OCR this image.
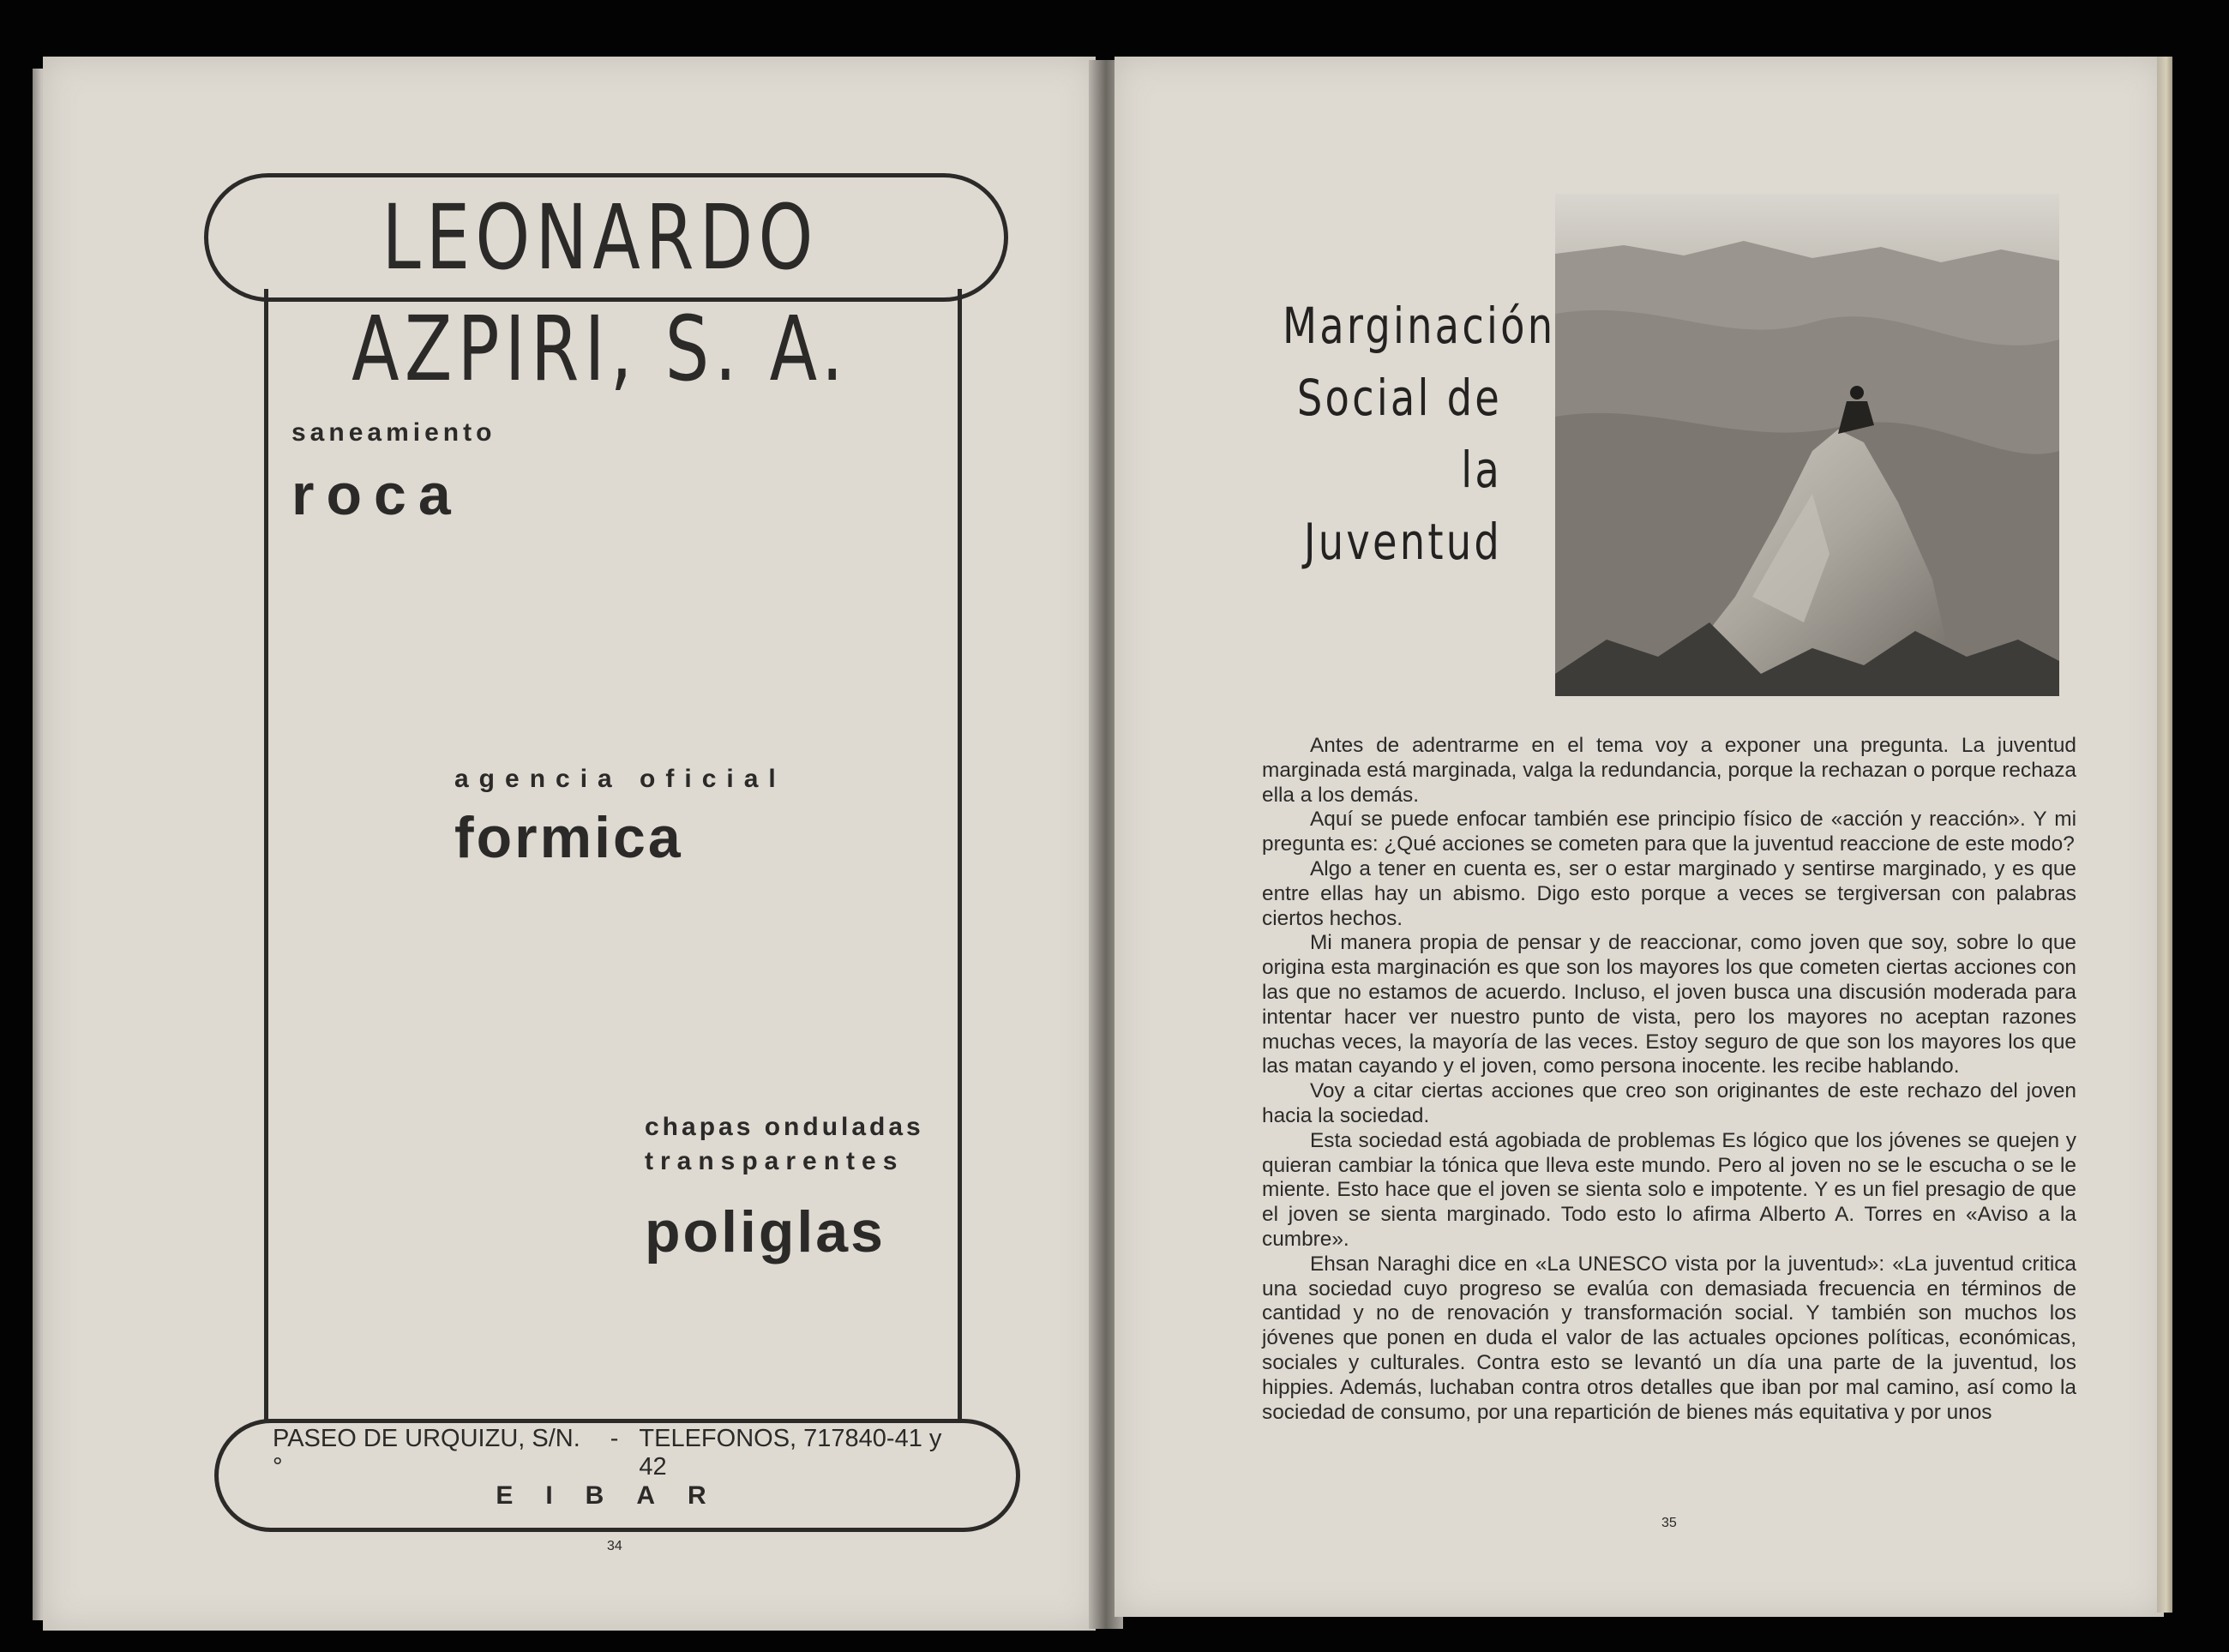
LEONARDO AZPIRI, S. A.
saneamiento
roca
agencia oficial
formica
chapas onduladas
transparentes
poliglas
PASEO DE URQUIZU, S/N.°
- TELEFONOS, 717840-41 y 42
EIBAR
34
Marginación
Social de la
Juventud

Antes de adentrarme en el tema voy a exponer una pregunta. La juventud marginada está marginada, valga la redundancia, porque la rechazan o porque rechaza ella a los demás.

Aquí se puede enfocar también ese principio físico de «acción y reacción». Y mi pregunta es: ¿Qué acciones se cometen para que la juventud reaccione de este modo?

Algo a tener en cuenta es, ser o estar marginado y sentirse marginado, y es que entre ellas hay un abismo. Digo esto porque a veces se tergiversan con palabras ciertos hechos.

Mi manera propia de pensar y de reaccionar, como joven que soy, sobre lo que origina esta marginación es que son los mayores los que cometen ciertas acciones con las que no estamos de acuerdo. Incluso, el joven busca una discusión moderada para intentar hacer ver nuestro punto de vista, pero los mayores no aceptan razones muchas veces, la mayoría de las veces. Estoy seguro de que son los mayores los que las matan cayando y el joven, como persona inocente. les recibe hablando.

Voy a citar ciertas acciones que creo son originantes de este rechazo del joven hacia la sociedad.

Esta sociedad está agobiada de problemas Es lógico que los jóvenes se quejen y quieran cambiar la tónica que lleva este mundo. Pero al joven no se le escucha o se le miente. Esto hace que el joven se sienta solo e impotente. Y es un fiel presagio de que el joven se sienta marginado. Todo esto lo afirma Alberto A. Torres en «Aviso a la cumbre».

Ehsan Naraghi dice en «La UNESCO vista por la juventud»: «La juventud critica una sociedad cuyo progreso se evalúa con demasiada frecuencia en términos de cantidad y no de renovación y transformación social. Y también son muchos los jóvenes que ponen en duda el valor de las actuales opciones políticas, económicas, sociales y culturales. Contra esto se levantó un día una parte de la juventud, los hippies. Además, luchaban contra otros detalles que iban por mal camino, así como la sociedad de consumo, por una repartición de bienes más equitativa y por unos

35
